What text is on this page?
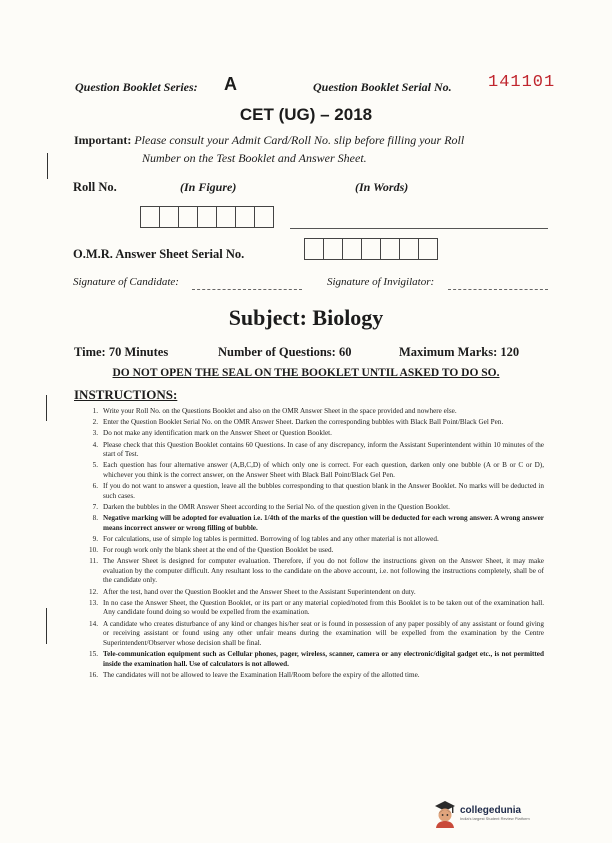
Question Booklet Series: A	Question Booklet Serial No. 141101
CET (UG) – 2018
Important: Please consult your Admit Card/Roll No. slip before filling your Roll
Number on the Test Booklet and Answer Sheet.
Roll No.	(In Figure)	(In Words)
O.M.R. Answer Sheet Serial No.
Signature of Candidate:	Signature of Invigilator:
Subject: Biology
Time: 70 Minutes	Number of Questions: 60	Maximum Marks: 120
DO NOT OPEN THE SEAL ON THE BOOKLET UNTIL ASKED TO DO SO.
INSTRUCTIONS:
1. Write your Roll No. on the Questions Booklet and also on the OMR Answer Sheet in the space provided and nowhere else.
2. Enter the Question Booklet Serial No. on the OMR Answer Sheet. Darken the corresponding bubbles with Black Ball Point/Black Gel Pen.
3. Do not make any identification mark on the Answer Sheet or Question Booklet.
4. Please check that this Question Booklet contains 60 Questions. In case of any discrepancy, inform the Assistant Superintendent within 10 minutes of the start of Test.
5. Each question has four alternative answer (A,B,C,D) of which only one is correct. For each question, darken only one bubble (A or B or C or D), whichever you think is the correct answer, on the Answer Sheet with Black Ball Point/Black Gel Pen.
6. If you do not want to answer a question, leave all the bubbles corresponding to that question blank in the Answer Booklet. No marks will be deducted in such cases.
7. Darken the bubbles in the OMR Answer Sheet according to the Serial No. of the question given in the Question Booklet.
8. Negative marking will be adopted for evaluation i.e. 1/4th of the marks of the question will be deducted for each wrong answer. A wrong answer means incorrect answer or wrong filling of bubble.
9. For calculations, use of simple log tables is permitted. Borrowing of log tables and any other material is not allowed.
10. For rough work only the blank sheet at the end of the Question Booklet be used.
11. The Answer Sheet is designed for computer evaluation. Therefore, if you do not follow the instructions given on the Answer Sheet, it may make evaluation by the computer difficult. Any resultant loss to the candidate on the above account, i.e. not following the instructions completely, shall be of the candidate only.
12. After the test, hand over the Question Booklet and the Answer Sheet to the Assistant Superintendent on duty.
13. In no case the Answer Sheet, the Question Booklet, or its part or any material copied/noted from this Booklet is to be taken out of the examination hall. Any candidate found doing so would be expelled from the examination.
14. A candidate who creates disturbance of any kind or changes his/her seat or is found in possession of any paper possibly of any assistant or found giving or receiving assistant or found using any other unfair means during the examination will be expelled from the examination by the Centre Superintendent/Observer whose decision shall be final.
15. Tele-communication equipment such as Cellular phones, pager, wireless, scanner, camera or any electronic/digital gadget etc., is not permitted inside the examination hall. Use of calculators is not allowed.
16. The candidates will not be allowed to leave the Examination Hall/Room before the expiry of the allotted time.
collegedunia
India's largest Student Review Platform
